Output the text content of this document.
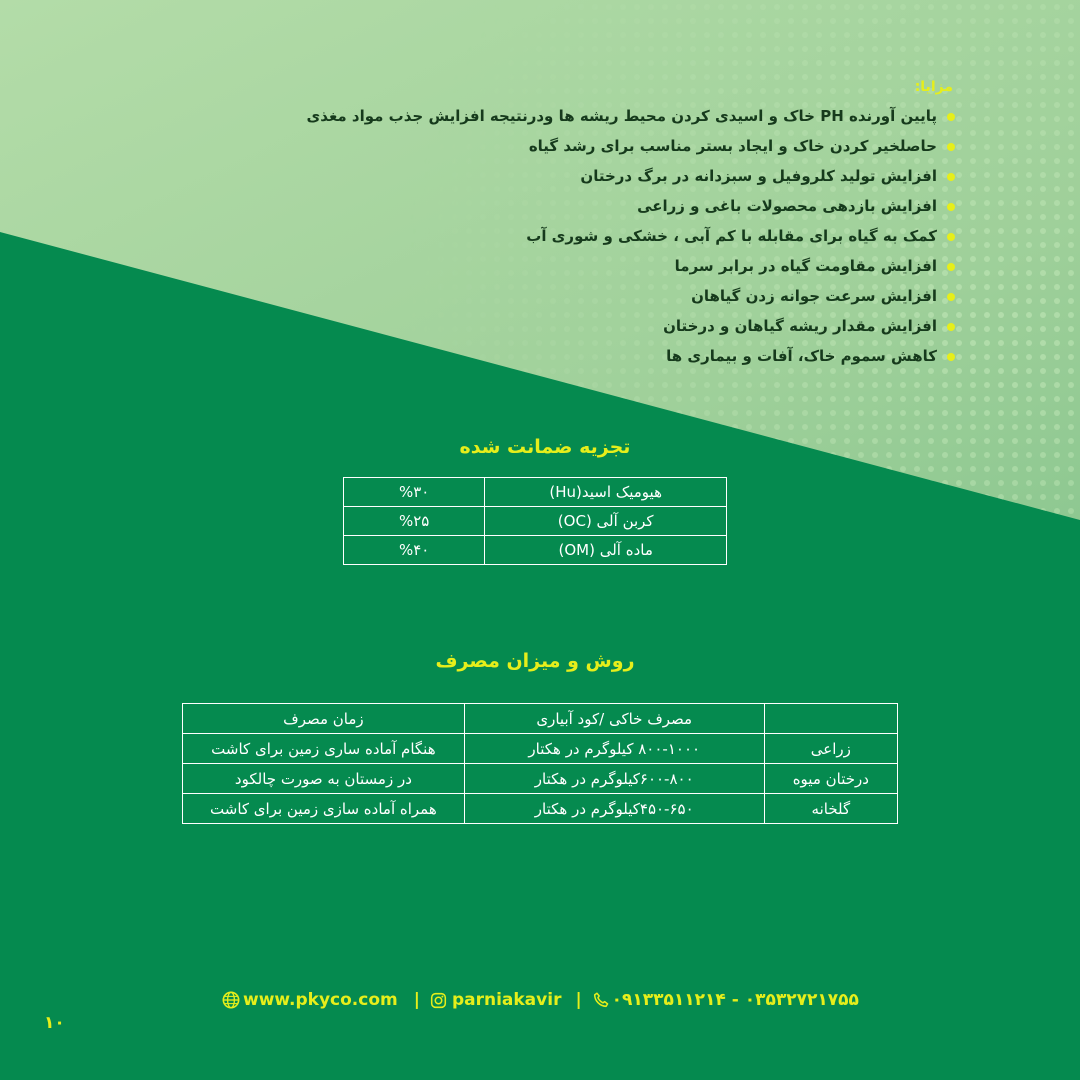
مزایا:
پایین آورنده PH خاک و اسیدی کردن محیط ریشه ها ودرنتیجه افزایش جذب مواد مغذی
حاصلخیر کردن خاک و ایجاد بستر مناسب برای رشد گیاه
افزایش تولید کلروفیل و سبزدانه در برگ درختان
افزایش بازدهی محصولات باغی و زراعی
کمک به گیاه برای مقابله با کم آبی ، خشکی و شوری آب
افزایش مقاومت گیاه در برابر سرما
افزایش سرعت جوانه زدن گیاهان
افزایش مقدار ریشه گیاهان و درختان
کاهش سموم خاک، آفات و بیماری ها
تجزیه ضمانت شده
هیومیک اسید(Hu)	%۳۰
کربن آلی (OC)	%۲۵
ماده آلی (OM)	%۴۰
روش و میزان مصرف
	مصرف خاکی /کود آبیاری	زمان مصرف
زراعی	۸۰۰-۱۰۰۰ کیلوگرم در هکتار	هنگام آماده ساری زمین برای کاشت
درختان میوه	۶۰۰-۸۰۰کیلوگرم در هکتار	در زمستان به صورت چالکود
گلخانه	۴۵۰-۶۵۰کیلوگرم در هکتار	همراه آماده سازی زمین برای کاشت
www.pkyco.com | parniakavir | ۰۹۱۳۳۵۱۱۲۱۴ - ۰۳۵۳۲۷۲۱۷۵۵
۱۰
